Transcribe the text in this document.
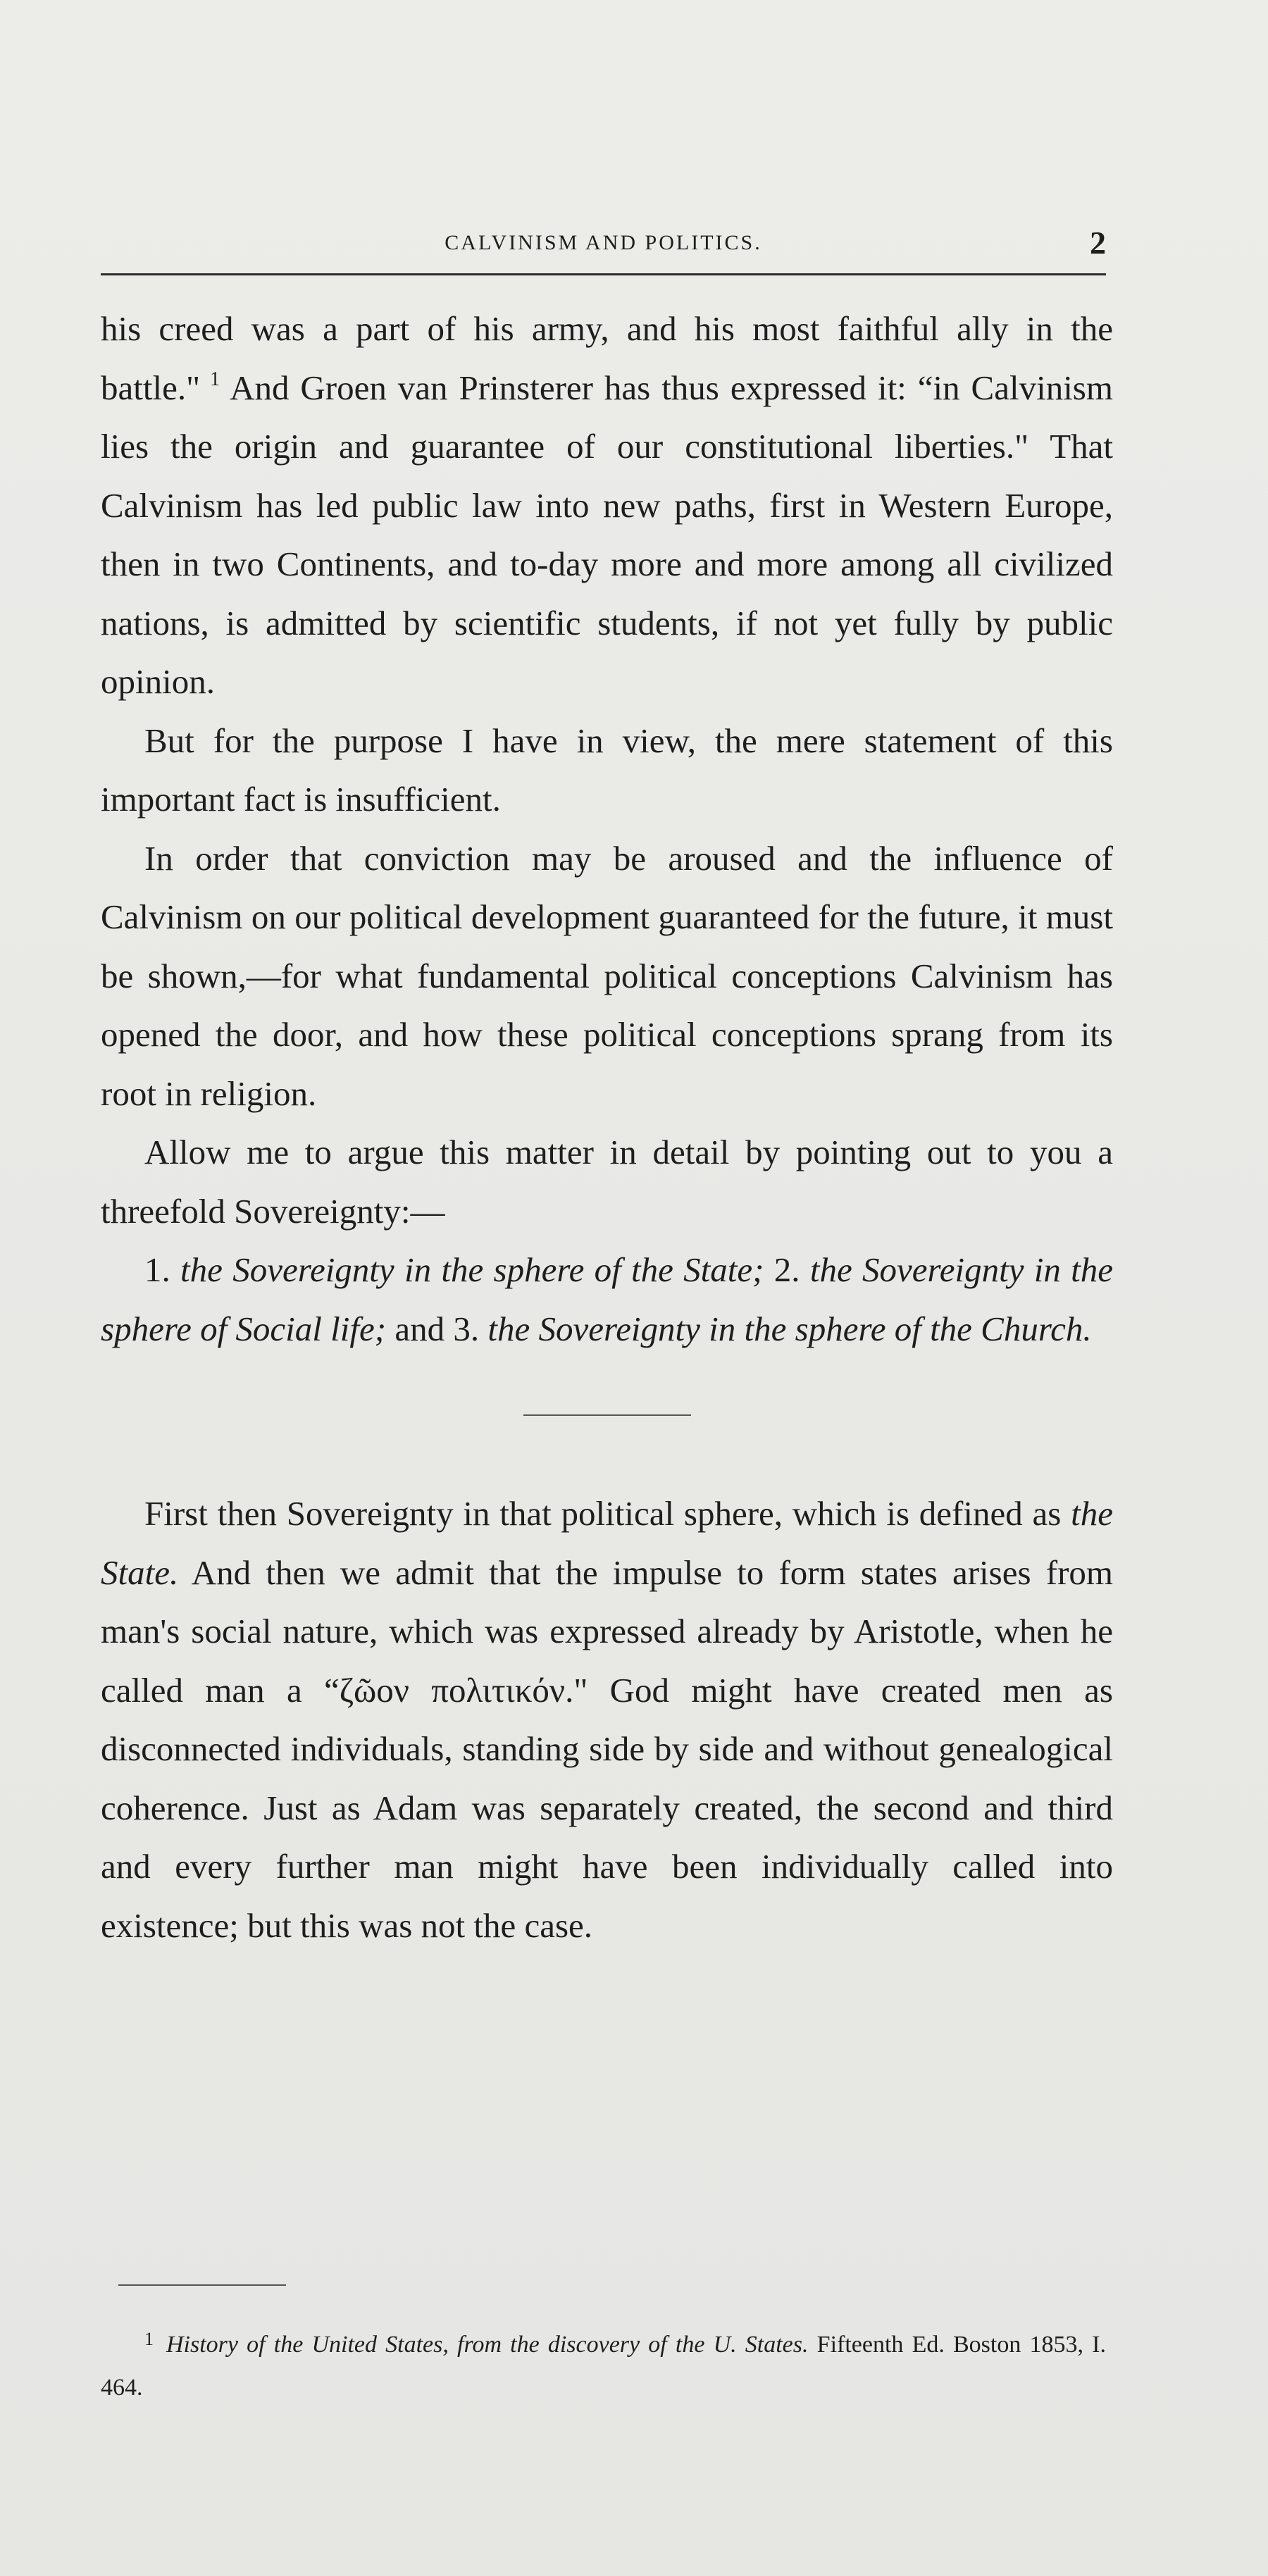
CALVINISM AND POLITICS.	2

his creed was a part of his army, and his most faithful ally in the battle." $^1$ And Groen van Prinsterer has thus expressed it: “in Calvinism lies the origin and guarantee of our constitutional liberties." That Calvinism has led public law into new paths, first in Western Europe, then in two Continents, and to-day more and more among all civilized nations, is admitted by scientific students, if not yet fully by public opinion.

But for the purpose I have in view, the mere statement of this important fact is insufficient.

In order that conviction may be aroused and the influence of Calvinism on our political development guaranteed for the future, it must be shown,—for what fundamental political conceptions Calvinism has opened the door, and how these political conceptions sprang from its root in religion.

Allow me to argue this matter in detail by pointing out to you a threefold Sovereignty:—

1. the Sovereignty in the sphere of the State; 2. the Sovereignty in the sphere of Social life; and 3. the Sovereignty in the sphere of the Church.

First then Sovereignty in that political sphere, which is defined as the State. And then we admit that the impulse to form states arises from man's social nature, which was expressed already by Aristotle, when he called man a “ζῶον πολιτικόν." God might have created men as disconnected individuals, standing side by side and without genealogical coherence. Just as Adam was separately created, the second and third and every further man might have been individually called into existence; but this was not the case.

$^1$ History of the United States, from the discovery of the U. States. Fifteenth Ed. Boston 1853, I. 464.
